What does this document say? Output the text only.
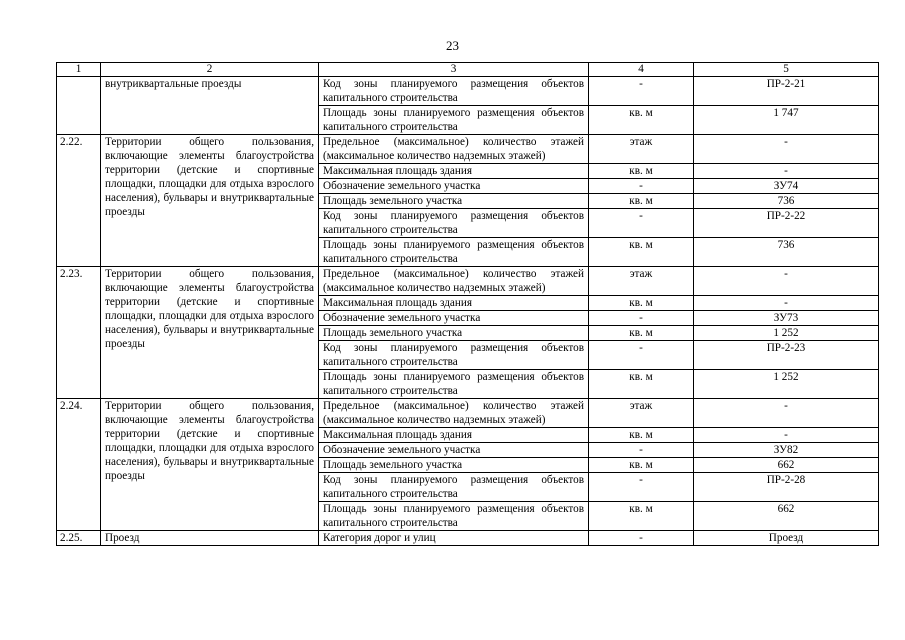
23
1	2	3	4	5
	внутриквартальные проезды	Код зоны планируемого размещения объектов капитального строительства	-	ПР-2-21
		Площадь зоны планируемого размещения объектов капитального строительства	кв. м	1 747
2.22.	Территории общего пользования, включающие элементы благоустройства территории (детские и спортивные площадки, площадки для отдыха взрослого населения), бульвары и внутриквартальные проезды	Предельное (максимальное) количество этажей (максимальное количество надземных этажей)	этаж	-
		Максимальная площадь здания	кв. м	-
		Обозначение земельного участка	-	ЗУ74
		Площадь земельного участка	кв. м	736
		Код зоны планируемого размещения объектов капитального строительства	-	ПР-2-22
		Площадь зоны планируемого размещения объектов капитального строительства	кв. м	736
2.23.	Территории общего пользования, включающие элементы благоустройства территории (детские и спортивные площадки, площадки для отдыха взрослого населения), бульвары и внутриквартальные проезды	Предельное (максимальное) количество этажей (максимальное количество надземных этажей)	этаж	-
		Максимальная площадь здания	кв. м	-
		Обозначение земельного участка	-	ЗУ73
		Площадь земельного участка	кв. м	1 252
		Код зоны планируемого размещения объектов капитального строительства	-	ПР-2-23
		Площадь зоны планируемого размещения объектов капитального строительства	кв. м	1 252
2.24.	Территории общего пользования, включающие элементы благоустройства территории (детские и спортивные площадки, площадки для отдыха взрослого населения), бульвары и внутриквартальные проезды	Предельное (максимальное) количество этажей (максимальное количество надземных этажей)	этаж	-
		Максимальная площадь здания	кв. м	-
		Обозначение земельного участка	-	ЗУ82
		Площадь земельного участка	кв. м	662
		Код зоны планируемого размещения объектов капитального строительства	-	ПР-2-28
		Площадь зоны планируемого размещения объектов капитального строительства	кв. м	662
2.25.	Проезд	Категория дорог и улиц	-	Проезд
